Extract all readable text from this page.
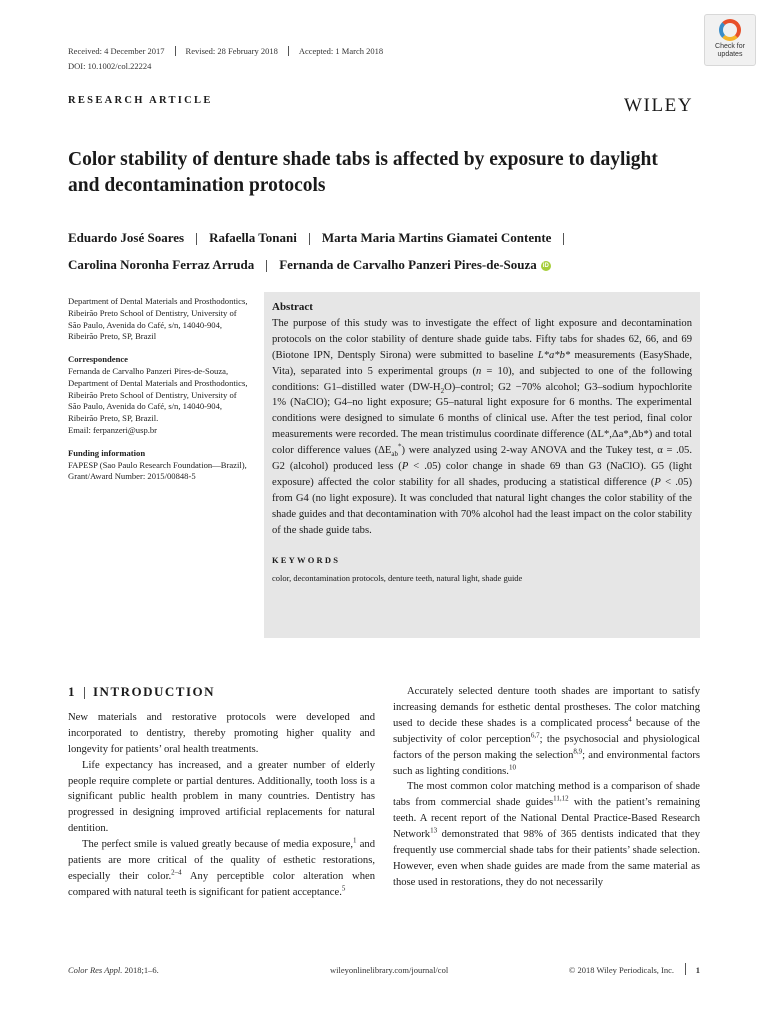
Received: 4 December 2017 Revised: 28 February 2018 Accepted: 1 March 2018
DOI: 10.1002/col.22224
Check for
updates
RESEARCH ARTICLE	WILEY
Color stability of denture shade tabs is affected by exposure to daylight and decontamination protocols
Eduardo José Soares Rafaella Tonani Marta Maria Martins Giamatei Contente
Carolina Noronha Ferraz Arruda Fernanda de Carvalho Panzeri Pires-de-Souza iD
Department of Dental Materials and Prosthodontics, Ribeirão Preto School of Dentistry, University of São Paulo, Avenida do Café, s/n, 14040-904, Ribeirão Preto, SP, Brazil
Correspondence
Fernanda de Carvalho Panzeri Pires-de-Souza, Department of Dental Materials and Prosthodontics, Ribeirão Preto School of Dentistry, University of São Paulo, Avenida do Café, s/n, 14040-904, Ribeirão Preto, SP, Brazil.
Email: ferpanzeri@usp.br
Funding information
FAPESP (Sao Paulo Research Foundation—Brazil), Grant/Award Number: 2015/00848-5
Abstract
The purpose of this study was to investigate the effect of light exposure and decontamination protocols on the color stability of denture shade guide tabs. Fifty tabs for shades 62, 66, and 69 (Biotone IPN, Dentsply Sirona) were submitted to baseline L*a*b* measurements (EasyShade, Vita), separated into 5 experimental groups (n = 10), and subjected to one of the following conditions: G1–distilled water $(DW-H_2O)$–control; G2 −70% alcohol; G3–sodium hypochlorite 1% (NaClO); G4–no light exposure; G5–natural light exposure for 6 months. The experimental conditions were designed to simulate 6 months of clinical use. After the test period, final color measurements were recorded. The mean tristimulus coordinate difference (ΔL*,Δa*,Δb*) and total color difference values $(\Delta E_{ab}^*)$ were analyzed using 2-way ANOVA and the Tukey test, α = .05. G2 (alcohol) produced less (P < .05) color change in shade 69 than G3 (NaClO). G5 (light exposure) affected the color stability for all shades, producing a statistical difference (P < .05) from G4 (no light exposure). It was concluded that natural light changes the color stability of the shade guides and that decontamination with 70% alcohol had the least impact on the color stability of the shade guide tabs.
KEYWORDS
color, decontamination protocols, denture teeth, natural light, shade guide
1 INTRODUCTION

New materials and restorative protocols were developed and incorporated to dentistry, thereby promoting higher quality and longevity for patients’ oral health treatments.

Life expectancy has increased, and a greater number of elderly people require complete or partial dentures. Additionally, tooth loss is a significant public health problem in many countries. Dentistry has progressed in designing improved artificial replacements for natural dentition.

The perfect smile is valued greatly because of media exposure,$^1$ and patients are more critical of the quality of esthetic restorations, especially their color.$^{2-4}$ Any perceptible color alteration when compared with natural teeth is significant for patient acceptance.$^5$

Accurately selected denture tooth shades are important to satisfy increasing demands for esthetic dental prostheses. The color matching used to decide these shades is a complicated process$^4$ because of the subjectivity of color perception$^{6,7}$; the psychosocial and physiological factors of the person making the selection$^{8,9}$; and environmental factors such as lighting conditions.$^{10}$

The most common color matching method is a comparison of shade tabs from commercial shade guides$^{11,12}$ with the patient’s remaining teeth. A recent report of the National Dental Practice-Based Research Network$^{13}$ demonstrated that 98% of 365 dentists indicated that they frequently use commercial shade tabs for their patients’ shade selection. However, even when shade guides are made from the same material as those used in restorations, they do not necessarily

Color Res Appl. 2018;1–6.	wileyonlinelibrary.com/journal/col	© 2018 Wiley Periodicals, Inc.	1
